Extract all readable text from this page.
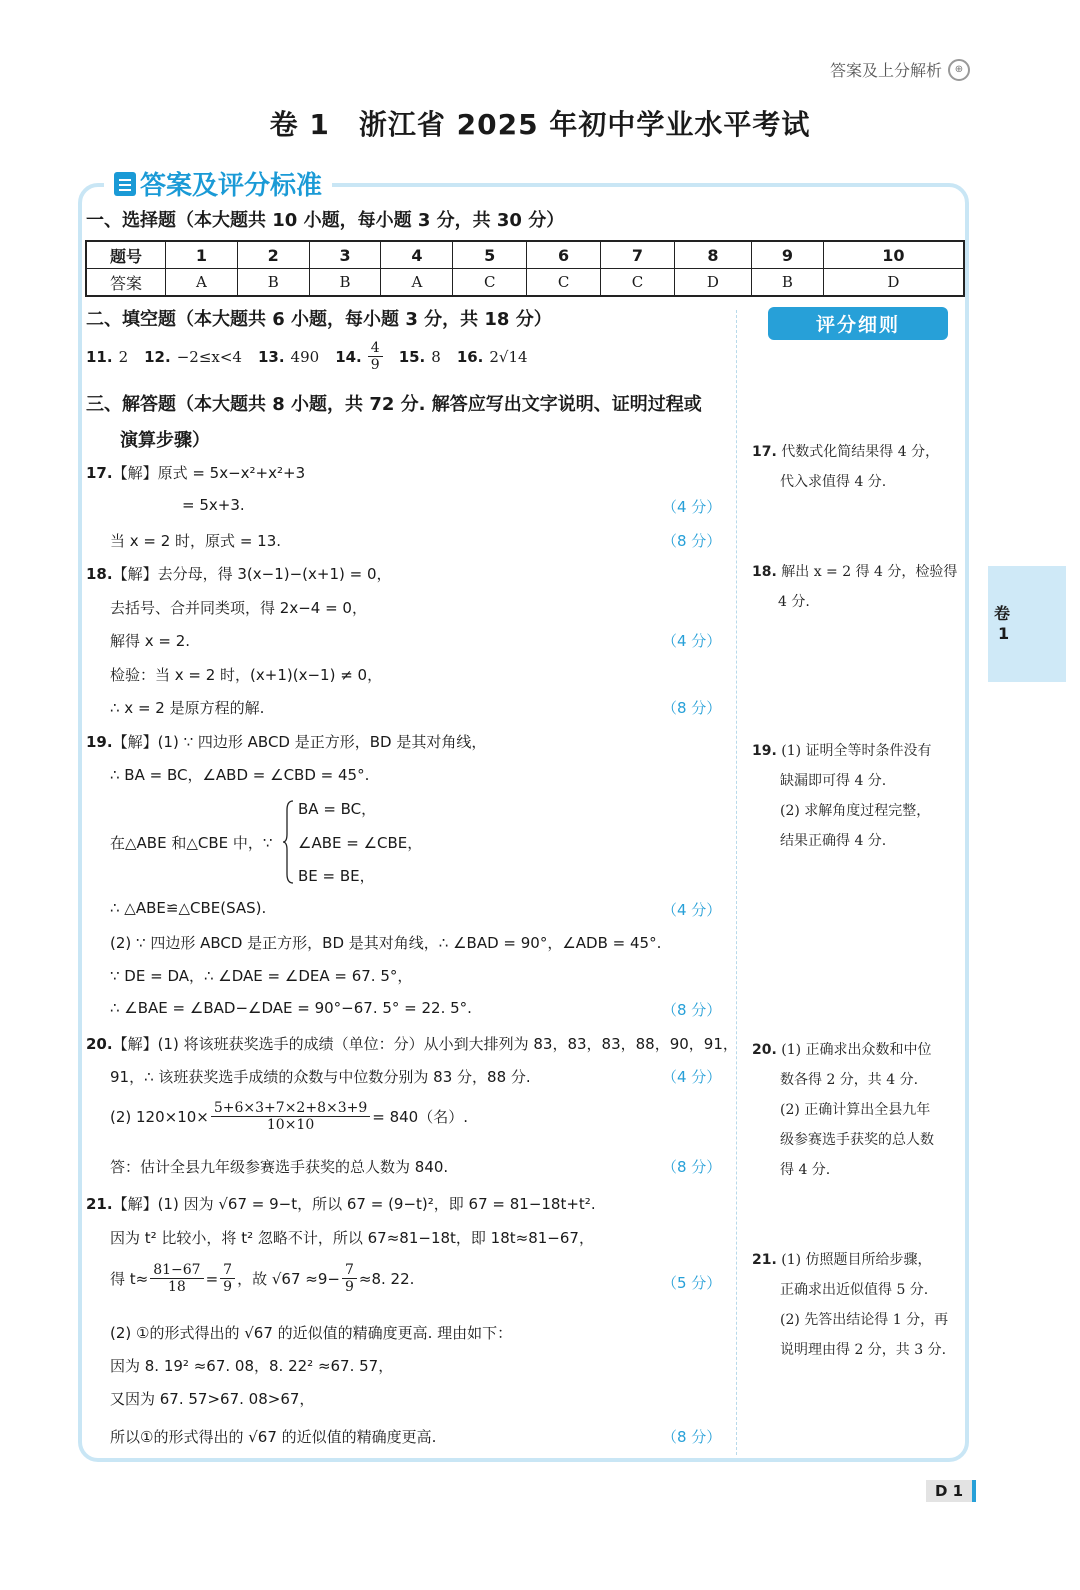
答案及上分解析	⊕
卷 1　浙江省 2025 年初中学业水平考试
答案及评分标准
一、选择题（本大题共 10 小题，每小题 3 分，共 30 分）
题号	1	2	3	4	5	6	7	8	9	10
答案	A	B	B	A	C	C	C	D	B	D
二、填空题（本大题共 6 小题，每小题 3 分，共 18 分）
11. 2 12. −2≤x<4 13. 490 14. $\frac{4}{9} 15$. 8 16. 2√14
三、解答题（本大题共 8 小题，共 72 分. 解答应写出文字说明、证明过程或
演算步骤）
17.【解】原式 = 5x−x²+x²+3
= 5x+3.	（4 分）
当 x = 2 时，原式 = 13.	（8 分）
18.【解】去分母，得 3(x−1)−(x+1) = 0，
去括号、合并同类项，得 2x−4 = 0，
解得 x = 2.	（4 分）
检验：当 x = 2 时，(x+1)(x−1) ≠ 0，
∴ x = 2 是原方程的解.	（8 分）
19.【解】(1) ∵ 四边形 ABCD 是正方形，BD 是其对角线，
∴ BA = BC，∠ABD = ∠CBD = 45°.
BA = BC，
在△ABE 和△CBE 中，∵ ∠ABE = ∠CBE，
BE = BE，
∴ △ABE≌△CBE(SAS).	（4 分）
(2) ∵ 四边形 ABCD 是正方形，BD 是其对角线，∴ ∠BAD = 90°，∠ADB = 45°.
∵ DE = DA，∴ ∠DAE = ∠DEA = 67. 5°，
∴ ∠BAE = ∠BAD−∠DAE = 90°−67. 5° = 22. 5°.	（8 分）
20.【解】(1) 将该班获奖选手的成绩（单位：分）从小到大排列为 83，83，83，88，90，91，
91，∴ 该班获奖选手成绩的众数与中位数分别为 83 分，88 分.	（4 分）
(2) $120\times 10\times \frac{5+6\times 3+7\times 2+8\times 3+9}{10\times 10} = 840$（名）.
答：估计全县九年级参赛选手获奖的总人数为 840.	（8 分）
21.【解】(1) 因为 √67 = 9−t，所以 67 = (9−t)²，即 67 = 81−18t+t².
因为 t² 比较小，将 t² 忽略不计，所以 67≈81−18t，即 18t≈81−67，
得 $t\approx \frac{81-67}{18} = \frac{7}{9}$ ，故 $√67 \approx 9- \frac{7}{9} \approx 8$. 22.	（5 分）
(2) ①的形式得出的 √67 的近似值的精确度更高. 理由如下：
因为 8. 19² ≈67. 08，8. 22² ≈67. 57，
又因为 67. 57>67. 08>67，
所以①的形式得出的 √67 的近似值的精确度更高.	（8 分）
评分细则
17. 代数式化简结果得 4 分，
代入求值得 4 分.
18. 解出 x = 2 得 4 分，检验得
4 分.
19. (1) 证明全等时条件没有
缺漏即可得 4 分.
(2) 求解角度过程完整，
结果正确得 4 分.
20. (1) 正确求出众数和中位
数各得 2 分，共 4 分.
(2) 正确计算出全县九年
级参赛选手获奖的总人数
得 4 分.
21. (1) 仿照题目所给步骤，
正确求出近似值得 5 分.
(2) 先答出结论得 1 分，再
说明理由得 2 分，共 3 分.
卷
1
D 1
